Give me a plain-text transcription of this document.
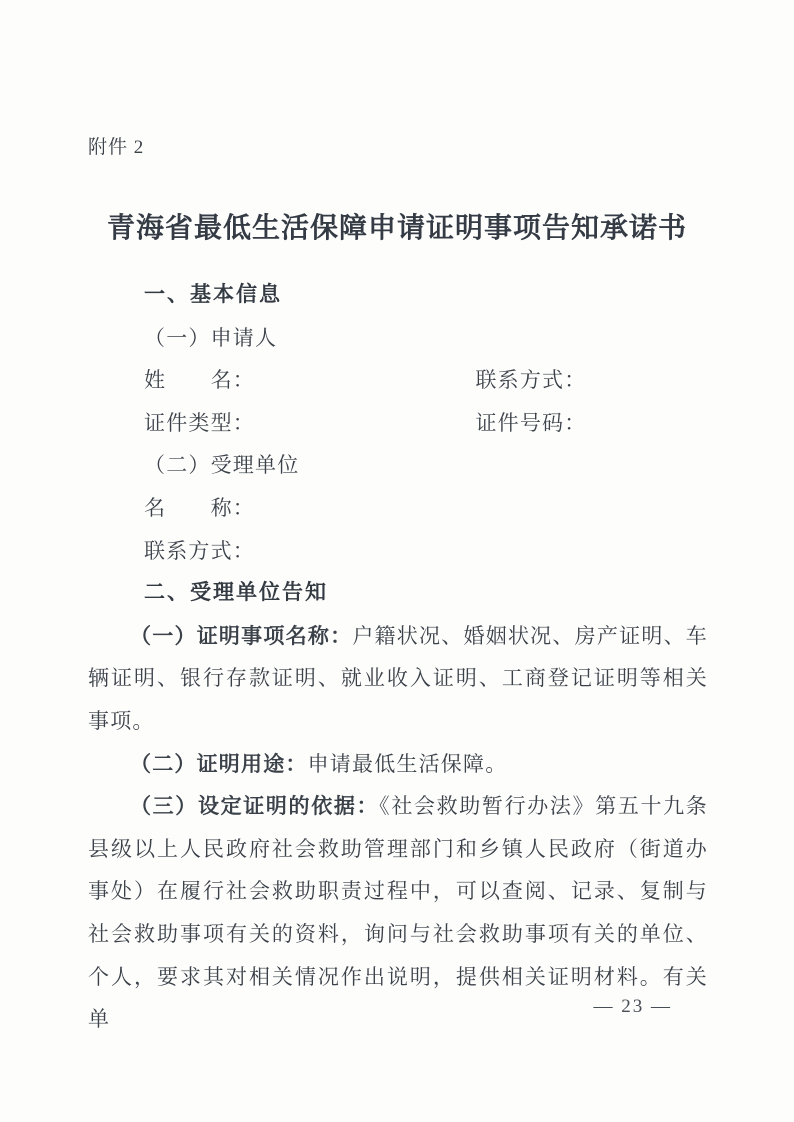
附件 2
青海省最低生活保障申请证明事项告知承诺书
一、基本信息
（一）申请人
姓　　名：	联系方式：
证件类型：	证件号码：
（二）受理单位
名　　称：
联系方式：
二、受理单位告知

（一）证明事项名称：户籍状况、婚姻状况、房产证明、车辆证明、银行存款证明、就业收入证明、工商登记证明等相关事项。

（二）证明用途：申请最低生活保障。

（三）设定证明的依据：《社会救助暂行办法》第五十九条县级以上人民政府社会救助管理部门和乡镇人民政府（街道办事处）在履行社会救助职责过程中，可以查阅、记录、复制与社会救助事项有关的资料，询问与社会救助事项有关的单位、个人，要求其对相关情况作出说明，提供相关证明材料。有关单

— 23 —
